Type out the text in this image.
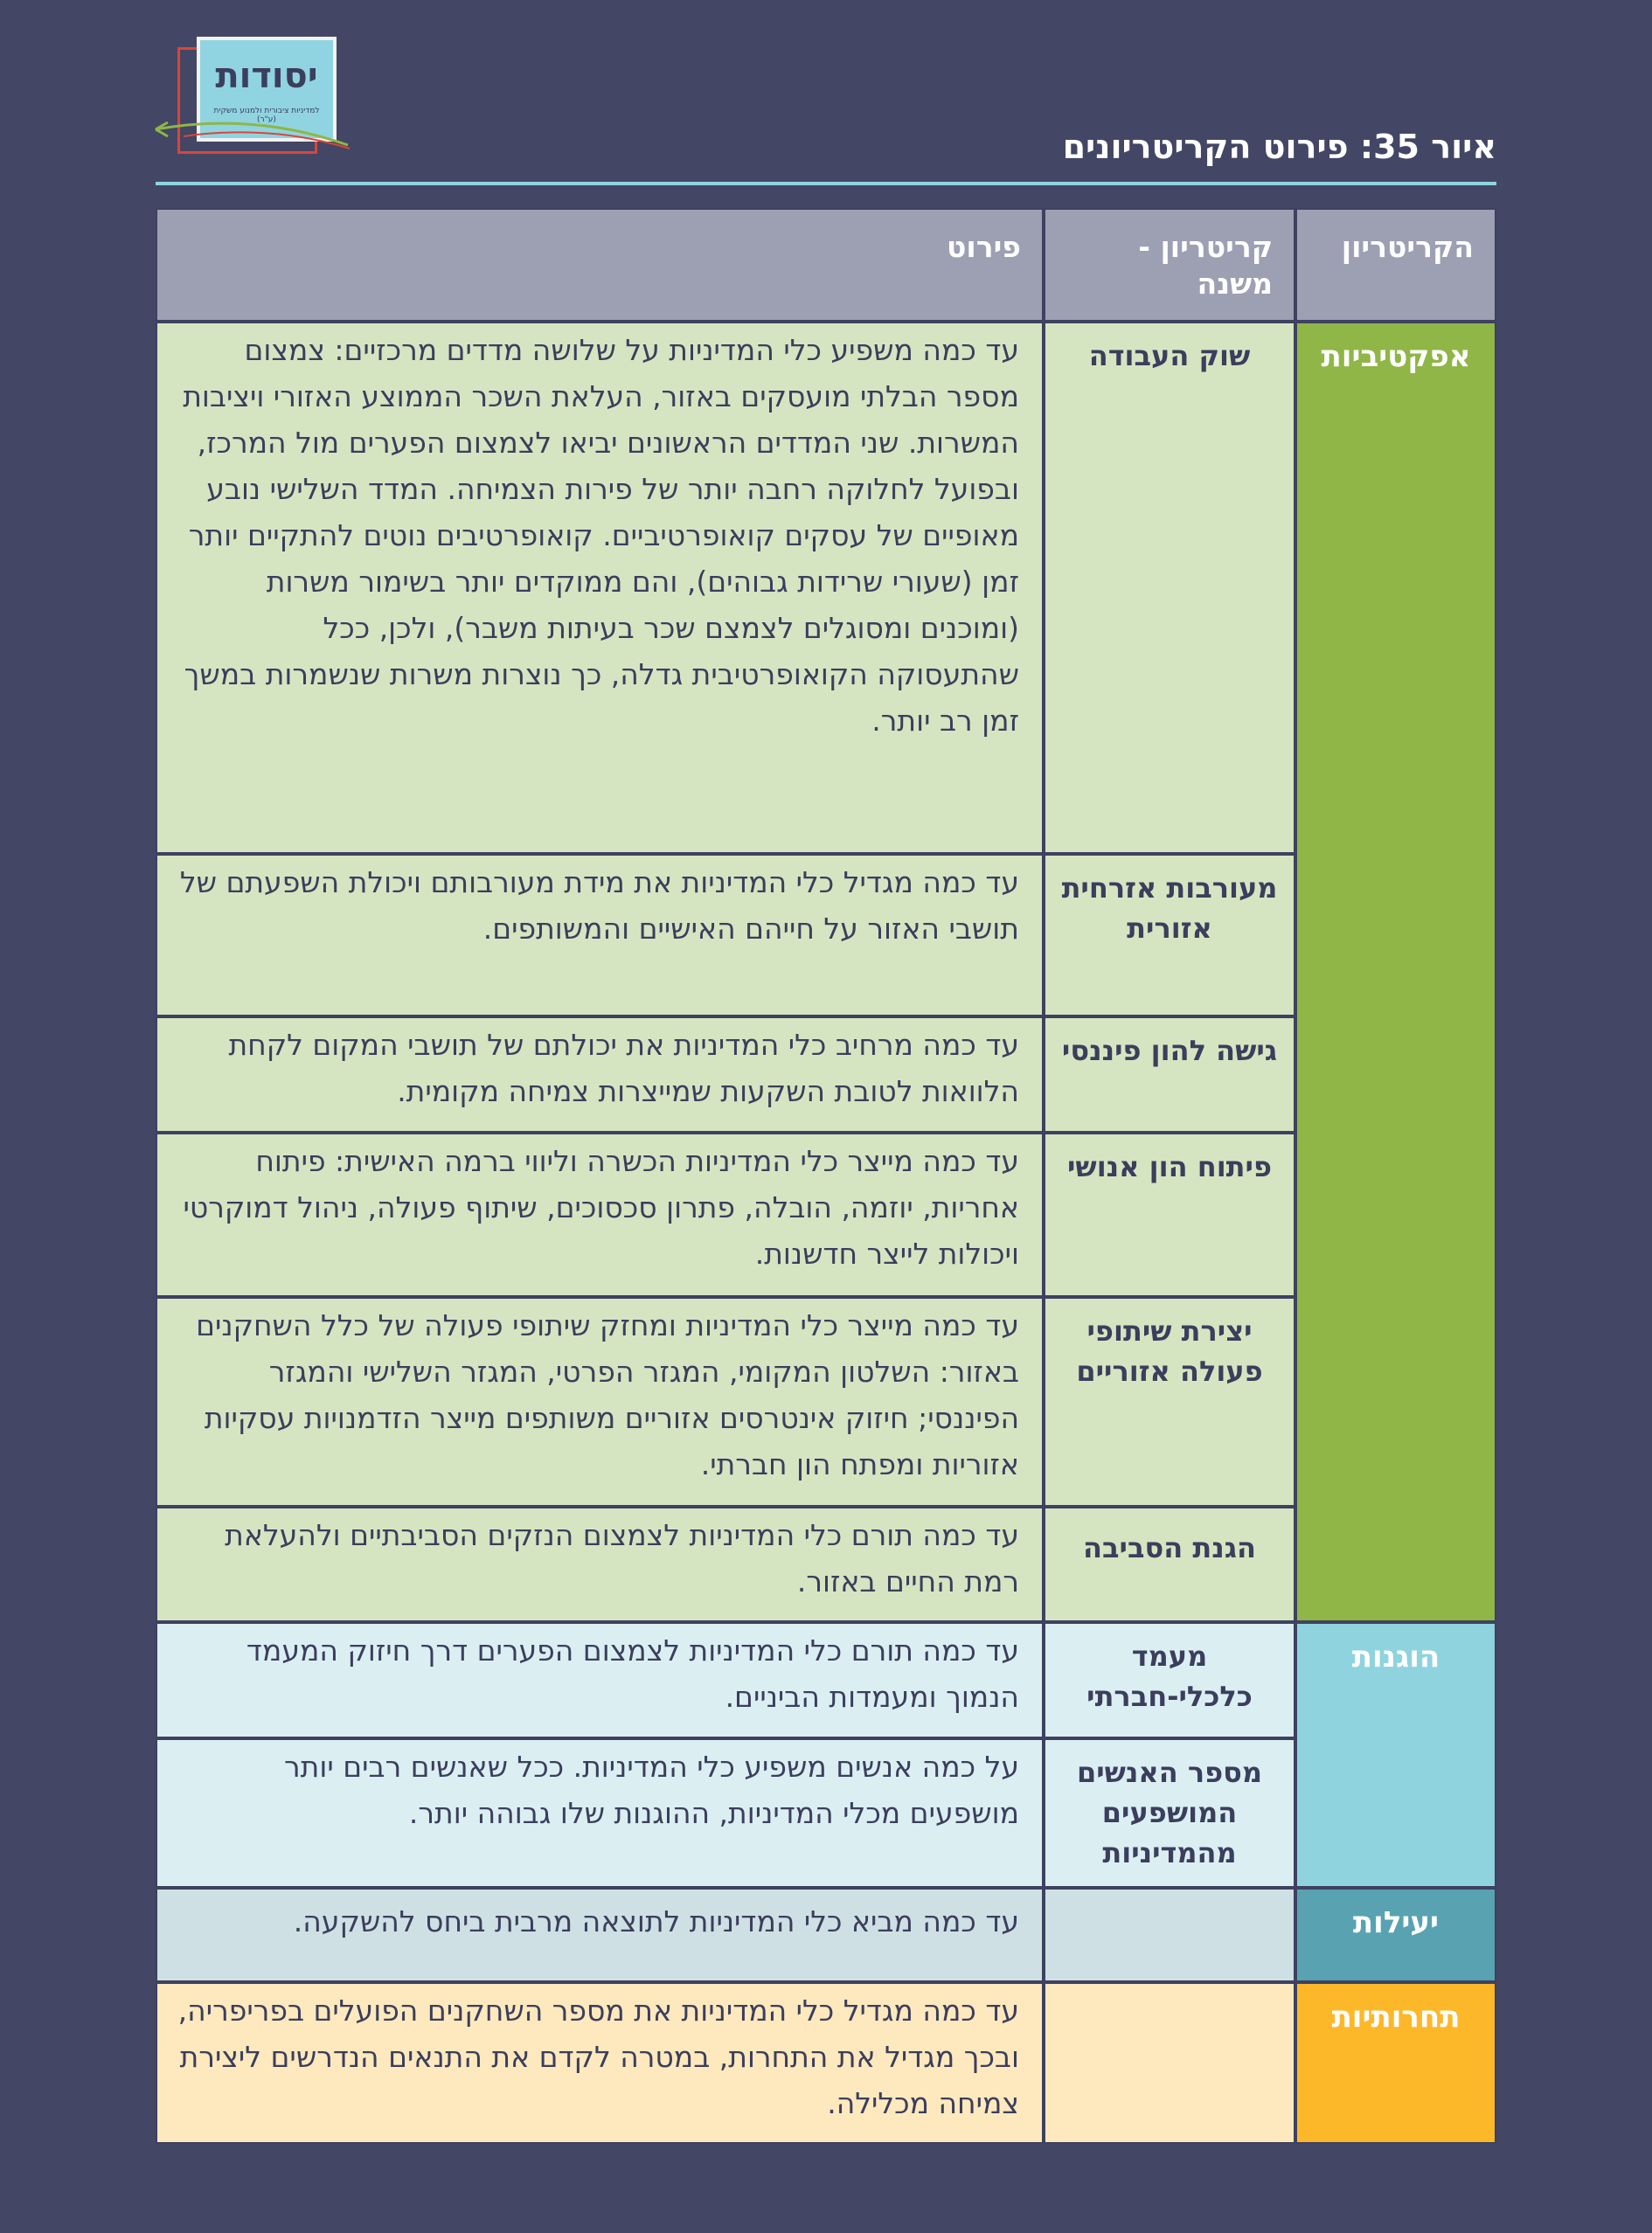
יסודות
למדיניות ציבורית ולמנוע משקית (ע"ר)
איור 35: פירוט הקריטריונים
הקריטריון
קריטריון - משנה
פירוט
אפקטיביות
שוק העבודה
עד כמה משפיע כלי המדיניות על שלושה מדדים מרכזיים: צמצום מספר הבלתי מועסקים באזור, העלאת השכר הממוצע האזורי ויציבות המשרות. שני המדדים הראשונים יביאו לצמצום הפערים מול המרכז, ובפועל לחלוקה רחבה יותר של פירות הצמיחה. המדד השלישי נובע מאופיים של עסקים קואופרטיביים. קואופרטיבים נוטים להתקיים יותר זמן (שעורי שרידות גבוהים), והם ממוקדים יותר בשימור משרות (ומוכנים ומסוגלים לצמצם שכר בעיתות משבר), ולכן, ככל שהתעסוקה הקואופרטיבית גדלה, כך נוצרות משרות שנשמרות במשך זמן רב יותר.
מעורבות אזרחית אזורית
עד כמה מגדיל כלי המדיניות את מידת מעורבותם ויכולת השפעתם של תושבי האזור על חייהם האישיים והמשותפים.
גישה להון פיננסי
עד כמה מרחיב כלי המדיניות את יכולתם של תושבי המקום לקחת הלוואות לטובת השקעות שמייצרות צמיחה מקומית.
פיתוח הון אנושי
עד כמה מייצר כלי המדיניות הכשרה וליווי ברמה האישית: פיתוח אחריות, יוזמה, הובלה, פתרון סכסוכים, שיתוף פעולה, ניהול דמוקרטי ויכולות לייצר חדשנות.
יצירת שיתופי פעולה אזוריים
עד כמה מייצר כלי המדיניות ומחזק שיתופי פעולה של כלל השחקנים באזור: השלטון המקומי, המגזר הפרטי, המגזר השלישי והמגזר הפיננסי; חיזוק אינטרסים אזוריים משותפים מייצר הזדמנויות עסקיות אזוריות ומפתח הון חברתי.
הגנת הסביבה
עד כמה תורם כלי המדיניות לצמצום הנזקים הסביבתיים ולהעלאת רמת החיים באזור.
הוגנות
מעמד כלכלי-חברתי
עד כמה תורם כלי המדיניות לצמצום הפערים דרך חיזוק המעמד הנמוך ומעמדות הביניים.
מספר האנשים המושפעים מהמדיניות
על כמה אנשים משפיע כלי המדיניות. ככל שאנשים רבים יותר מושפעים מכלי המדיניות, ההוגנות שלו גבוהה יותר.
יעילות
עד כמה מביא כלי המדיניות לתוצאה מרבית ביחס להשקעה.
תחרותיות
עד כמה מגדיל כלי המדיניות את מספר השחקנים הפועלים בפריפריה, ובכך מגדיל את התחרות, במטרה לקדם את התנאים הנדרשים ליצירת צמיחה מכלילה.
